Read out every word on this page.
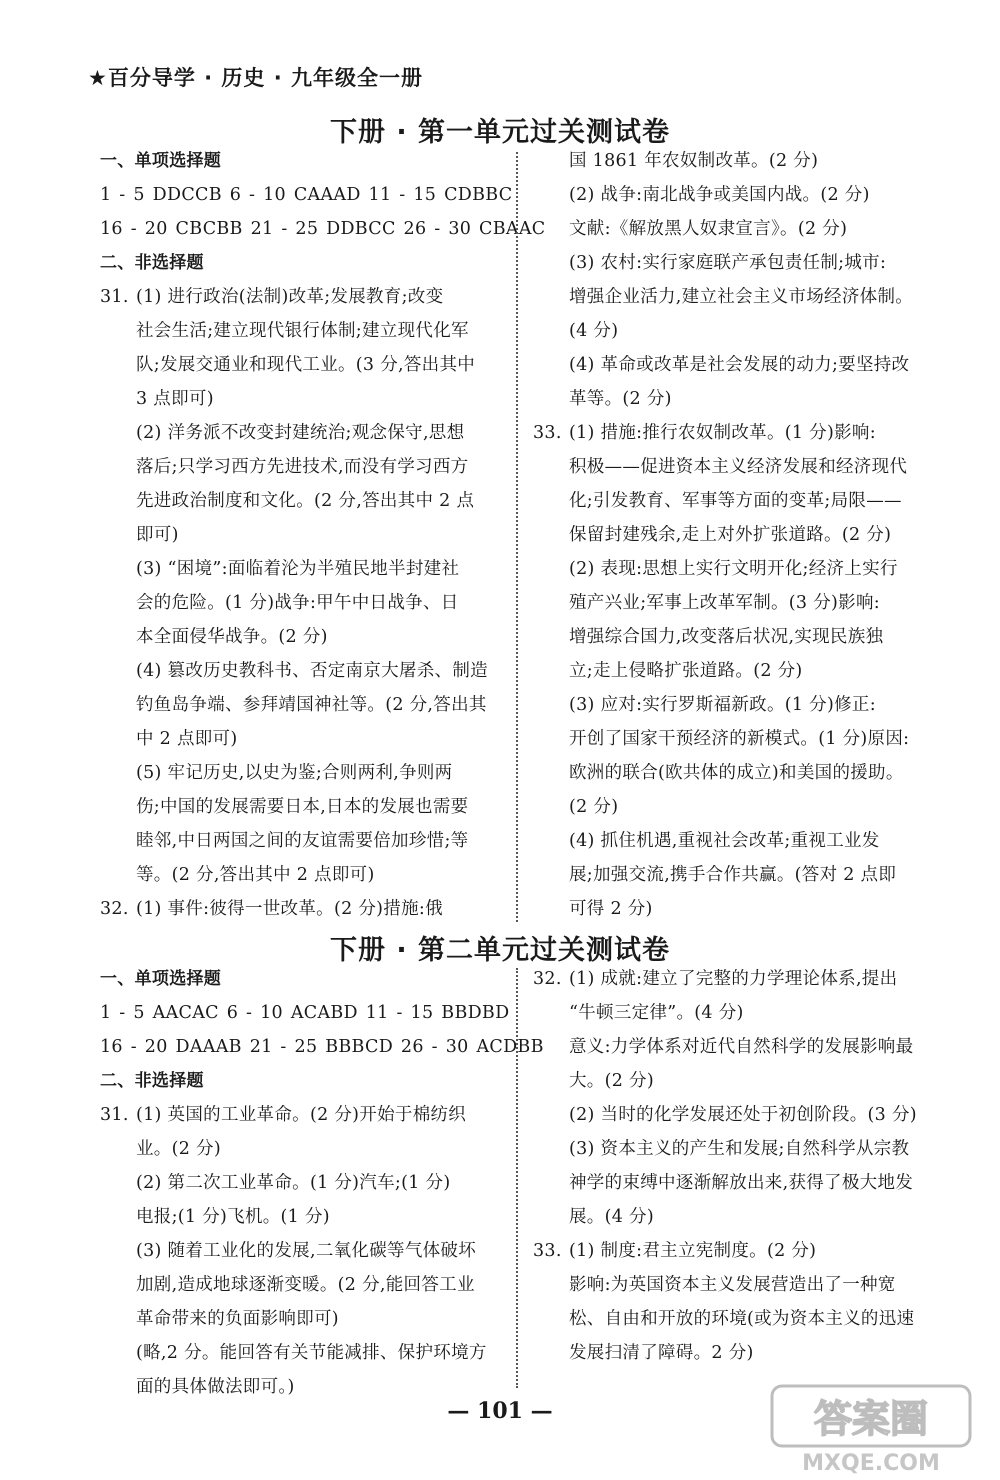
★百分导学 · 历史 · 九年级全一册
下册 · 第一单元过关测试卷

一、单项选择题

1 - 5 DDCCB 6 - 10 CAAAD 11 - 15 CDBBC

16 - 20 CBCBB 21 - 25 DDBCC 26 - 30 CBAAC

二、非选择题

31. (1) 进行政治(法制)改革;发展教育;改变

社会生活;建立现代银行体制;建立现代化军

队;发展交通业和现代工业。(3 分,答出其中

3 点即可)

(2) 洋务派不改变封建统治;观念保守,思想

落后;只学习西方先进技术,而没有学习西方

先进政治制度和文化。(2 分,答出其中 2 点

即可)

(3) “困境”:面临着沦为半殖民地半封建社

会的危险。(1 分)战争:甲午中日战争、日

本全面侵华战争。(2 分)

(4) 篡改历史教科书、否定南京大屠杀、制造

钓鱼岛争端、参拜靖国神社等。(2 分,答出其

中 2 点即可)

(5) 牢记历史,以史为鉴;合则两利,争则两

伤;中国的发展需要日本,日本的发展也需要

睦邻,中日两国之间的友谊需要倍加珍惜;等

等。(2 分,答出其中 2 点即可)

32. (1) 事件:彼得一世改革。(2 分)措施:俄

国 1861 年农奴制改革。(2 分)

(2) 战争:南北战争或美国内战。(2 分)

文献:《解放黑人奴隶宣言》。(2 分)

(3) 农村:实行家庭联产承包责任制;城市:

增强企业活力,建立社会主义市场经济体制。

(4 分)

(4) 革命或改革是社会发展的动力;要坚持改

革等。(2 分)

33. (1) 措施:推行农奴制改革。(1 分)影响:

积极——促进资本主义经济发展和经济现代

化;引发教育、军事等方面的变革;局限——

保留封建残余,走上对外扩张道路。(2 分)

(2) 表现:思想上实行文明开化;经济上实行

殖产兴业;军事上改革军制。(3 分)影响:

增强综合国力,改变落后状况,实现民族独

立;走上侵略扩张道路。(2 分)

(3) 应对:实行罗斯福新政。(1 分)修正:

开创了国家干预经济的新模式。(1 分)原因:

欧洲的联合(欧共体的成立)和美国的援助。

(2 分)

(4) 抓住机遇,重视社会改革;重视工业发

展;加强交流,携手合作共赢。(答对 2 点即

可得 2 分)

下册 · 第二单元过关测试卷

一、单项选择题

1 - 5 AACAC 6 - 10 ACABD 11 - 15 BBDBD

16 - 20 DAAAB 21 - 25 BBBCD 26 - 30 ACDBB

二、非选择题

31. (1) 英国的工业革命。(2 分)开始于棉纺织

业。(2 分)

(2) 第二次工业革命。(1 分)汽车;(1 分)

电报;(1 分)飞机。(1 分)

(3) 随着工业化的发展,二氧化碳等气体破坏

加剧,造成地球逐渐变暖。(2 分,能回答工业

革命带来的负面影响即可)

(略,2 分。能回答有关节能减排、保护环境方

面的具体做法即可。)

32. (1) 成就:建立了完整的力学理论体系,提出

“牛顿三定律”。(4 分)

意义:力学体系对近代自然科学的发展影响最

大。(2 分)

(2) 当时的化学发展还处于初创阶段。(3 分)

(3) 资本主义的产生和发展;自然科学从宗教

神学的束缚中逐渐解放出来,获得了极大地发

展。(4 分)

33. (1) 制度:君主立宪制度。(2 分)

影响:为英国资本主义发展营造出了一种宽

松、自由和开放的环境(或为资本主义的迅速

发展扫清了障碍。2 分)

— 101 —	答案圈
MXQE.COM
